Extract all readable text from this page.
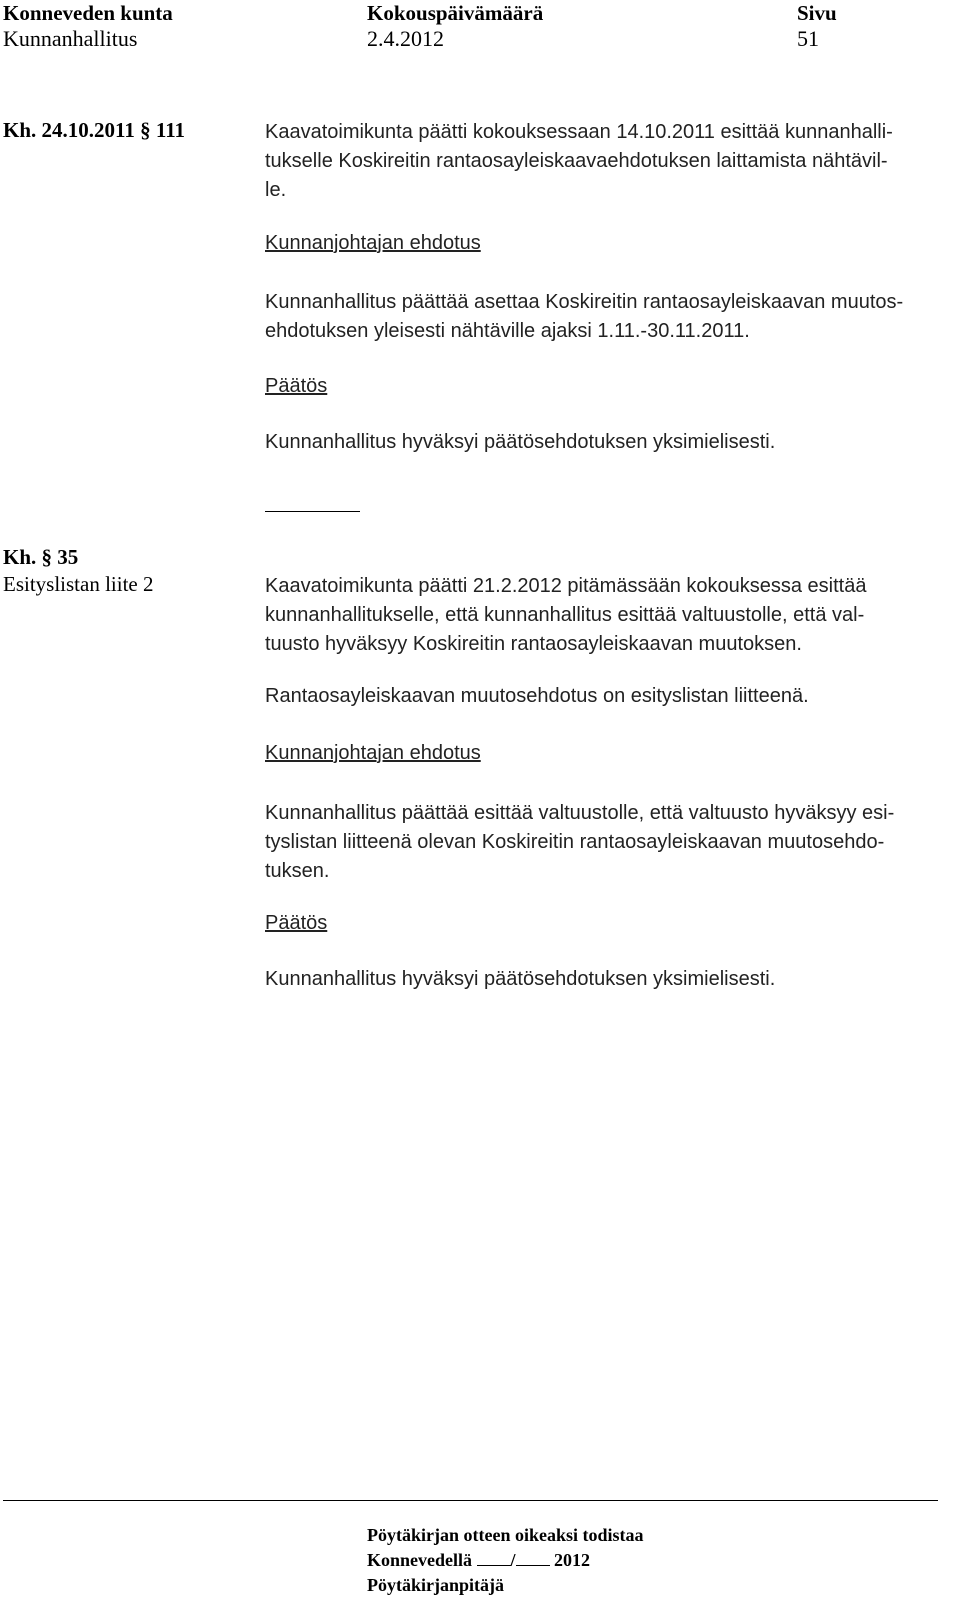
Konneveden kunta
Kunnanhallitus
Kokouspäivämäärä
2.4.2012
Sivu
51
Kh. 24.10.2011 § 111	Kaavatoimikunta päätti kokouksessaan 14.10.2011 esittää kunnanhalli-
tukselle Koskireitin rantaosayleiskaavaehdotuksen laittamista nähtävil-
le.
Kunnanjohtajan ehdotus
Kunnanhallitus päättää asettaa Koskireitin rantaosayleiskaavan muutos-
ehdotuksen yleisesti nähtäville ajaksi 1.11.-30.11.2011.
Päätös
Kunnanhallitus hyväksyi päätösehdotuksen yksimielisesti.
Kh. § 35
Esityslistan liite 2	Kaavatoimikunta päätti 21.2.2012 pitämässään kokouksessa esittää
kunnanhallitukselle, että kunnanhallitus esittää valtuustolle, että val-
tuusto hyväksyy Koskireitin rantaosayleiskaavan muutoksen.
Rantaosayleiskaavan muutosehdotus on esityslistan liitteenä.
Kunnanjohtajan ehdotus
Kunnanhallitus päättää esittää valtuustolle, että valtuusto hyväksyy esi-
tyslistan liitteenä olevan Koskireitin rantaosayleiskaavan muutosehdo-
tuksen.
Päätös
Kunnanhallitus hyväksyi päätösehdotuksen yksimielisesti.
Pöytäkirjan otteen oikeaksi todistaa
Konnevedellä / 2012
Pöytäkirjanpitäjä
